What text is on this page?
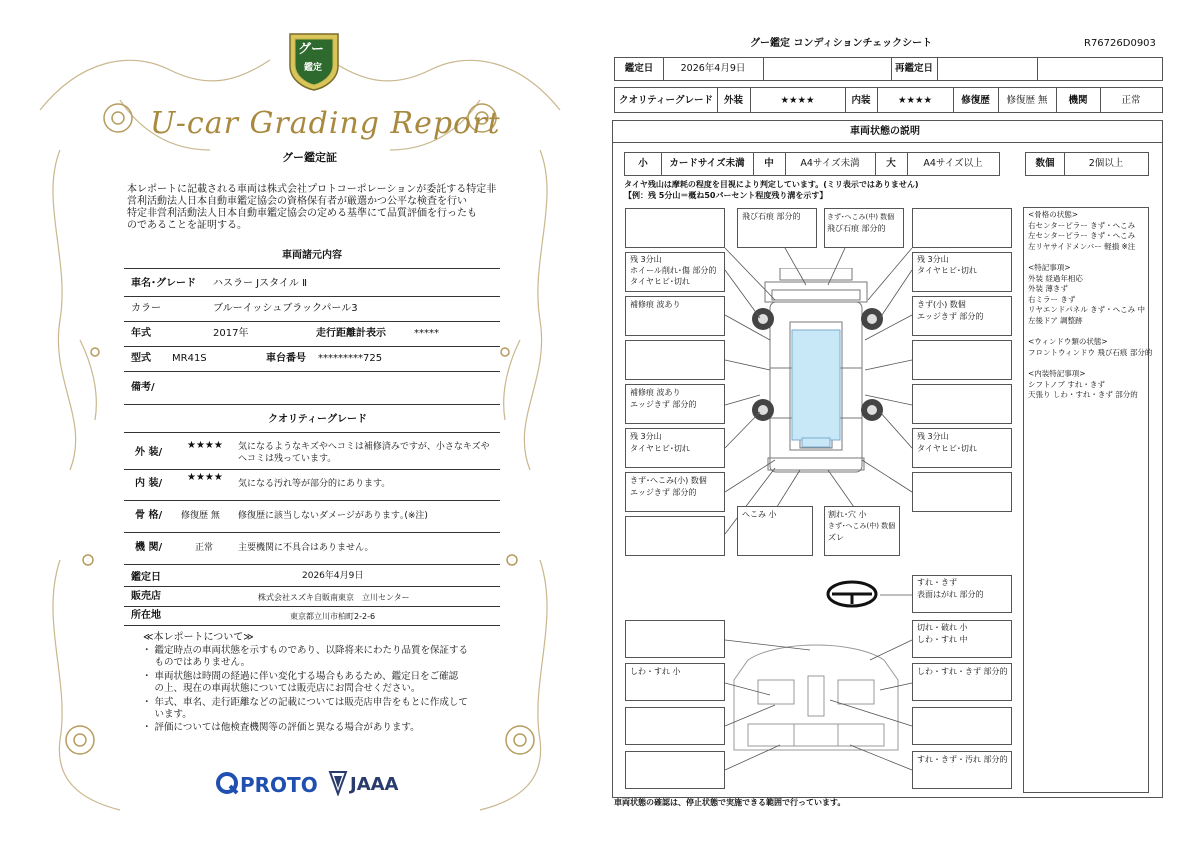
グー
鑑定
U-car Grading Report
グー鑑定証
本レポートに記載される車両は株式会社プロトコーポレーションが委託する特定非
営利活動法人日本自動車鑑定協会の資格保有者が厳選かつ公平な検査を行い
特定非営利活動法人日本自動車鑑定協会の定める基準にて品質評価を行ったも
のであることを証明する。
車両諸元内容
車名･グレード ハスラー Jスタイル Ⅱ
カラー	ブルーイッシュブラックパール3
年式	2017年	走行距離計表示	*****
型式 MR41S	車台番号 *********725
備考/
クオリティーグレード
外 装/
★★★★ 気になるようなキズやヘコミは補修済みですが、小さなキズや
ヘコミは残っています。
内 装/
★★★★
気になる汚れ等が部分的にあります。
骨 格/ 修復歴 無 修復歴に該当しないダメージがあります｡(※注)
機 関/	正常	主要機関に不具合はありません。
鑑定日	2026年4月9日
販売店	株式会社スズキ自販南東京　立川センター
所在地	東京都立川市柏町2-2-6
≪本レポートについて≫
・ 鑑定時点の車両状態を示すものであり、以降将来にわたり品質を保証する
　 ものではありません。
・ 車両状態は時間の経過に伴い変化する場合もあるため、鑑定日をご確認
　 の上、現在の車両状態については販売店にお問合せください。
・ 年式、車名、走行距離などの記載については販売店申告をもとに作成して
　 います。
・ 評価については他検査機関等の評価と異なる場合があります。
PROTO JAAA
グー鑑定 コンディションチェックシート	R76726D0903
鑑定日	2026年4月9日	再鑑定日
クオリティーグレード	外装	★★★★	内装	★★★★	修復歴	修復歴 無	機関	正常
車両状態の説明
小	カードサイズ未満	中	A4サイズ未満	大	A4サイズ以上	数個	2個以上
タイヤ残山は摩耗の程度を目視により判定しています。(ミリ表示ではありません)
【例：残 5分山＝概ね50パーセント程度残り溝を示す】
飛び石痕 部分的	きず･へこみ(中) 数個
飛び石痕 部分的
残 3分山
ホイール削れ･傷 部分的
タイヤヒビ･切れ
残 3分山
タイヤヒビ･切れ
補修痕 波あり	きず(小) 数個
エッジきず 部分的
補修痕 波あり
エッジきず 部分的
残 3分山
タイヤヒビ･切れ
残 3分山
タイヤヒビ･切れ
きず･へこみ(小) 数個
エッジきず 部分的
へこみ 小	割れ･穴 小
きず･へこみ(中) 数個
ズレ
すれ・きず
表面はがれ 部分的
切れ・破れ 小
しわ・すれ 中
しわ・すれ 小	しわ・すれ・きず 部分的
すれ・きず・汚れ 部分的
車両状態の確認は、停止状態で実施できる範囲で行っています。
<骨格の状態>
右センターピラー きず・へこみ
左センターピラー きず・へこみ
左リヤサイドメンバー 軽損 ※注
<特記事項>
外装 経過年相応
外装 薄きず
右ミラー きず
リヤエンドパネル きず・へこみ 中
左後ドア 調整跡
<ウィンドウ類の状態>
フロントウィンドウ 飛び石痕 部分的
<内装特記事項>
シフトノブ すれ・きず
天張り しわ・すれ・きず 部分的
